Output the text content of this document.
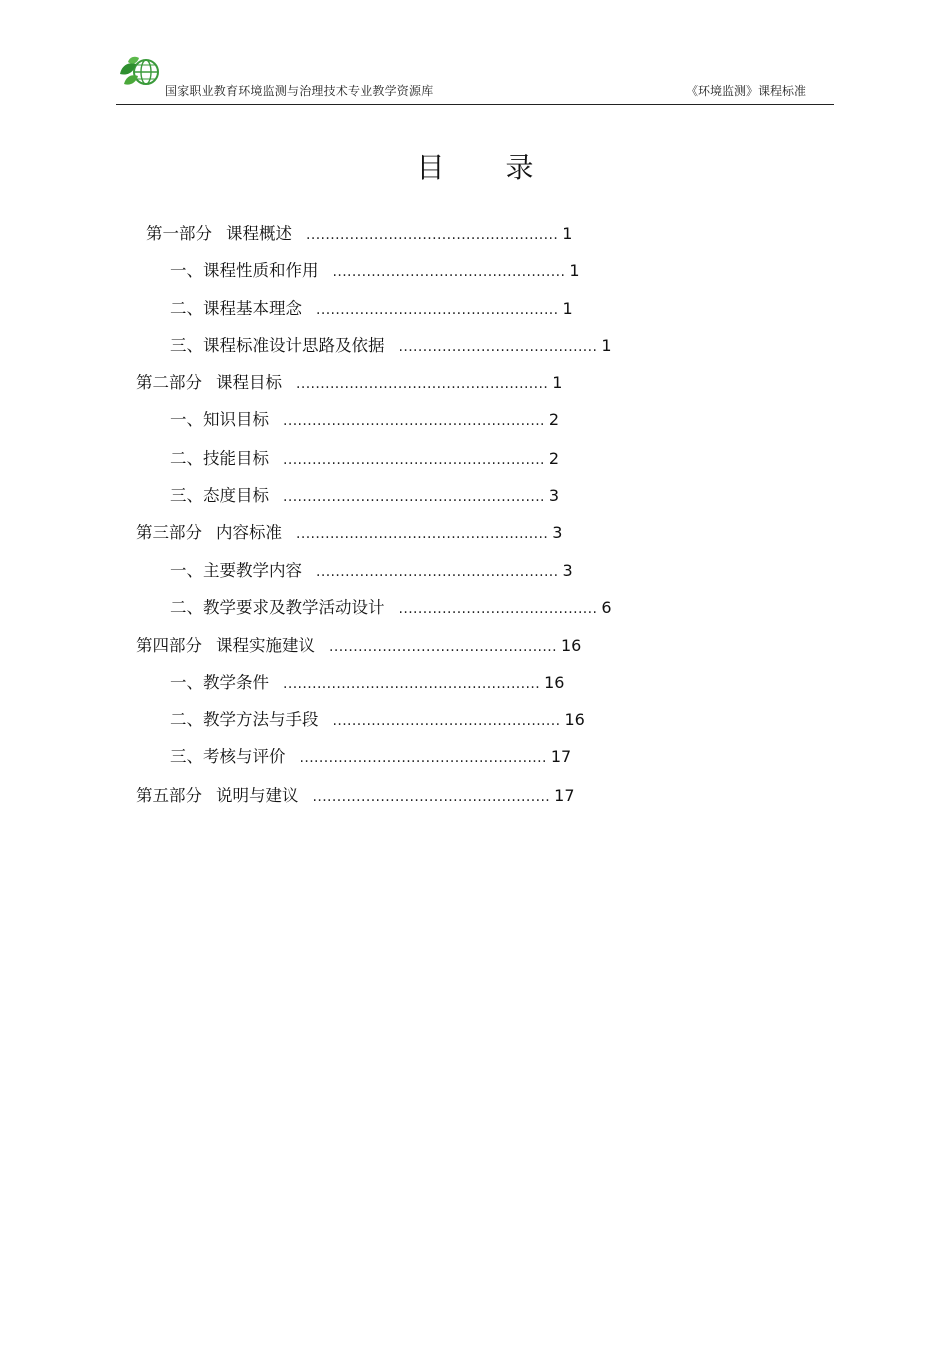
国家职业教育环境监测与治理技术专业教学资源库	《环境监测》课程标准
目 录
第一部分 课程概述 .................................................... 1
一、课程性质和作用 ................................................ 1
二、课程基本理念 .................................................. 1
三、课程标准设计思路及依据 ......................................... 1
第二部分 课程目标 .................................................... 1
一、知识目标 ...................................................... 2
二、技能目标 ...................................................... 2
三、态度目标 ...................................................... 3
第三部分 内容标准 .................................................... 3
一、主要教学内容 .................................................. 3
二、教学要求及教学活动设计 ......................................... 6
第四部分 课程实施建议 ............................................... 16
一、教学条件 ..................................................... 16
二、教学方法与手段 ............................................... 16
三、考核与评价 ................................................... 17
第五部分 说明与建议 ................................................. 17
